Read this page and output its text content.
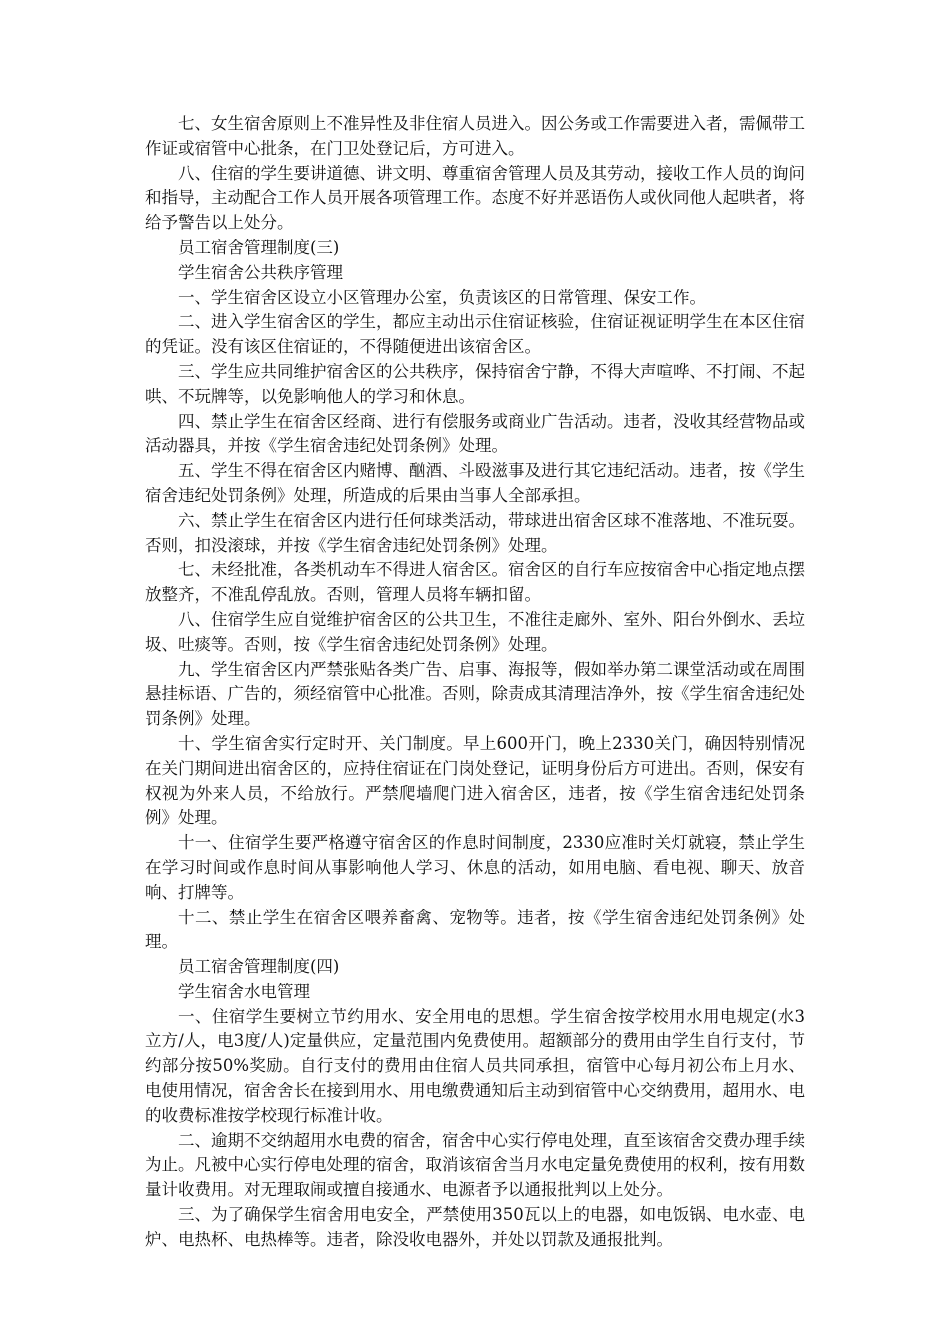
七、女生宿舍原则上不准异性及非住宿人员进入。因公务或工作需要进入者，需佩带工作证或宿管中心批条，在门卫处登记后，方可进入。

八、住宿的学生要讲道德、讲文明、尊重宿舍管理人员及其劳动，接收工作人员的询问和指导，主动配合工作人员开展各项管理工作。态度不好并恶语伤人或伙同他人起哄者，将给予警告以上处分。

员工宿舍管理制度(三)

学生宿舍公共秩序管理

一、学生宿舍区设立小区管理办公室，负责该区的日常管理、保安工作。

二、进入学生宿舍区的学生，都应主动出示住宿证核验，住宿证视证明学生在本区住宿的凭证。没有该区住宿证的，不得随便进出该宿舍区。

三、学生应共同维护宿舍区的公共秩序，保持宿舍宁静，不得大声喧哗、不打闹、不起哄、不玩牌等，以免影响他人的学习和休息。

四、禁止学生在宿舍区经商、进行有偿服务或商业广告活动。违者，没收其经营物品或活动器具，并按《学生宿舍违纪处罚条例》处理。

五、学生不得在宿舍区内赌博、酗酒、斗殴滋事及进行其它违纪活动。违者，按《学生宿舍违纪处罚条例》处理，所造成的后果由当事人全部承担。

六、禁止学生在宿舍区内进行任何球类活动，带球进出宿舍区球不准落地、不准玩耍。否则，扣没滚球，并按《学生宿舍违纪处罚条例》处理。

七、未经批准，各类机动车不得进人宿舍区。宿舍区的自行车应按宿舍中心指定地点摆放整齐，不准乱停乱放。否则，管理人员将车辆扣留。

八、住宿学生应自觉维护宿舍区的公共卫生，不准往走廊外、室外、阳台外倒水、丢垃圾、吐痰等。否则，按《学生宿舍违纪处罚条例》处理。

九、学生宿舍区内严禁张贴各类广告、启事、海报等，假如举办第二课堂活动或在周围悬挂标语、广告的，须经宿管中心批准。否则，除责成其清理洁净外，按《学生宿舍违纪处罚条例》处理。

十、学生宿舍实行定时开、关门制度。早上600开门，晚上2330关门，确因特别情况在关门期间进出宿舍区的，应持住宿证在门岗处登记，证明身份后方可进出。否则，保安有权视为外来人员，不给放行。严禁爬墙爬门进入宿舍区，违者，按《学生宿舍违纪处罚条例》处理。

十一、住宿学生要严格遵守宿舍区的作息时间制度，2330应准时关灯就寝，禁止学生在学习时间或作息时间从事影响他人学习、休息的活动，如用电脑、看电视、聊天、放音响、打牌等。

十二、禁止学生在宿舍区喂养畜禽、宠物等。违者，按《学生宿舍违纪处罚条例》处理。

员工宿舍管理制度(四)

学生宿舍水电管理

一、住宿学生要树立节约用水、安全用电的思想。学生宿舍按学校用水用电规定(水3立方/人，电3度/人)定量供应，定量范围内免费使用。超额部分的费用由学生自行支付，节约部分按50%奖励。自行支付的费用由住宿人员共同承担，宿管中心每月初公布上月水、电使用情况，宿舍舍长在接到用水、用电缴费通知后主动到宿管中心交纳费用，超用水、电的收费标准按学校现行标准计收。

二、逾期不交纳超用水电费的宿舍，宿舍中心实行停电处理，直至该宿舍交费办理手续为止。凡被中心实行停电处理的宿舍，取消该宿舍当月水电定量免费使用的权利，按有用数量计收费用。对无理取闹或擅自接通水、电源者予以通报批判以上处分。

三、为了确保学生宿舍用电安全，严禁使用350瓦以上的电器，如电饭锅、电水壶、电炉、电热杯、电热棒等。违者，除没收电器外，并处以罚款及通报批判。
